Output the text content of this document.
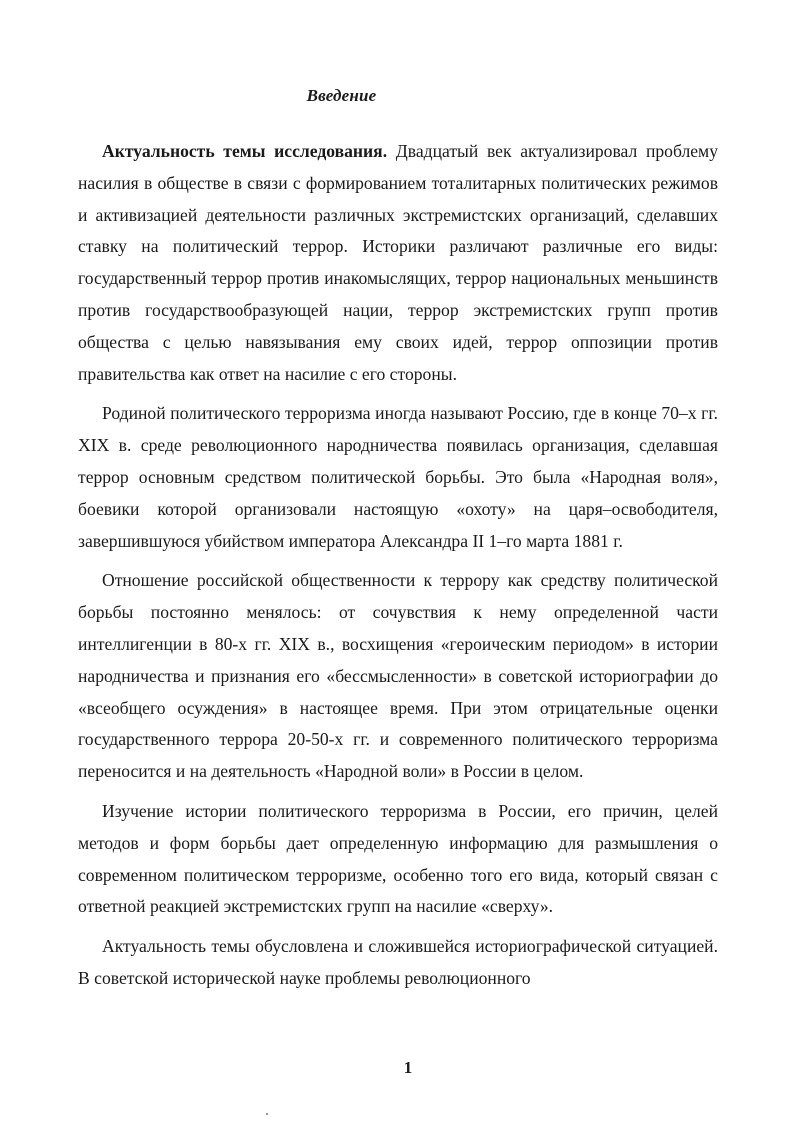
Введение

Актуальность темы исследования. Двадцатый век актуализировал проблему насилия в обществе в связи с формированием тоталитарных политических режимов и активизацией деятельности различных экстремистских организаций, сделавших ставку на политический террор. Историки различают различные его виды: государственный террор против инакомыслящих, террор национальных меньшинств против государствообразующей нации, террор экстремистских групп против общества с целью навязывания ему своих идей, террор оппозиции против правительства как ответ на насилие с его стороны.

Родиной политического терроризма иногда называют Россию, где в конце 70–х гг. XIX в. среде революционного народничества появилась организация, сделавшая террор основным средством политической борьбы. Это была «Народная воля», боевики которой организовали настоящую «охоту» на царя–освободителя, завершившуюся убийством императора Александра II 1–го марта 1881 г.

Отношение российской общественности к террору как средству политической борьбы постоянно менялось: от сочувствия к нему определенной части интеллигенции в 80-х гг. XIX в., восхищения «героическим периодом» в истории народничества и признания его «бессмысленности» в советской историографии до «всеобщего осуждения» в настоящее время. При этом отрицательные оценки государственного террора 20-50-х гг. и современного политического терроризма переносится и на деятельность «Народной воли» в России в целом.

Изучение истории политического терроризма в России, его причин, целей методов и форм борьбы дает определенную информацию для размышления о современном политическом терроризме, особенно того его вида, который связан с ответной реакцией экстремистских групп на насилие «сверху».

Актуальность темы обусловлена и сложившейся историографической ситуацией. В советской исторической науке проблемы революционного

1
